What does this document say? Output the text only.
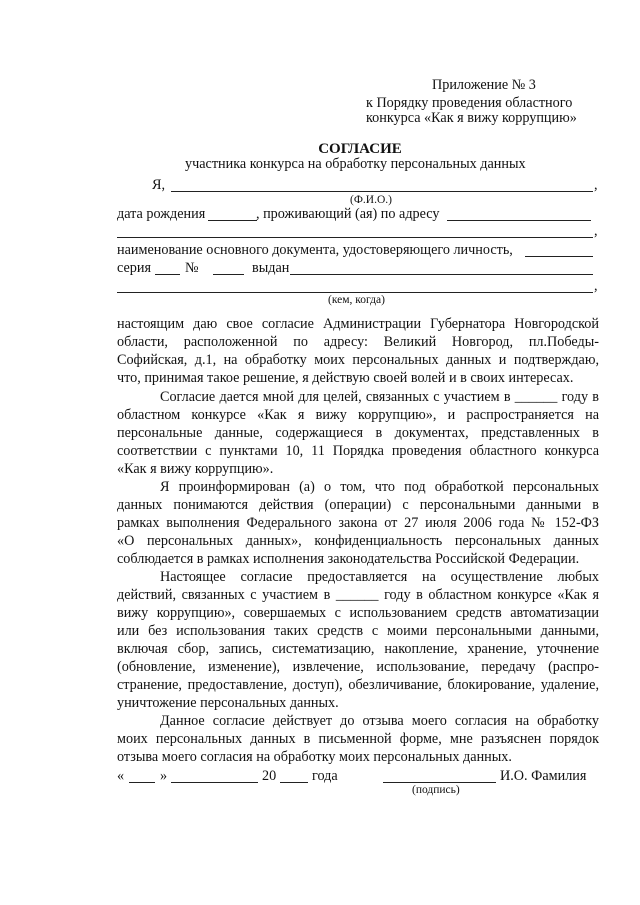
Приложение № 3
к Порядку проведения областного
конкурса «Как я вижу коррупцию»
СОГЛАСИЕ
участника конкурса на обработку персональных данных
Я,	,
(Ф.И.О.)
дата рождения	, проживающий (ая) по адресу
,
наименование основного документа, удостоверяющего личность,
серия №	выдан
,
(кем, когда)
настоящим даю свое согласие Администрации Губернатора Новгородской
области, расположенной по адресу: Великий Новгород, пл.Победы-
Софийская, д.1, на обработку моих персональных данных и подтверждаю,
что, принимая такое решение, я действую своей волей и в своих интересах.
Согласие дается мной для целей, связанных с участием в ______ году в
областном конкурсе «Как я вижу коррупцию», и распространяется на
персональные данные, содержащиеся в документах, представленных в
соответствии с пунктами 10, 11 Порядка проведения областного конкурса
«Как я вижу коррупцию».
Я проинформирован (а) о том, что под обработкой персональных
данных понимаются действия (операции) с персональными данными в
рамках выполнения Федерального закона от 27 июля 2006 года № 152-ФЗ
«О персональных данных», конфиденциальность персональных данных
соблюдается в рамках исполнения законодательства Российской Федерации.
Настоящее согласие предоставляется на осуществление любых
действий, связанных с участием в ______ году в областном конкурсе «Как я
вижу коррупцию», совершаемых с использованием средств автоматизации
или без использования таких средств с моими персональными данными,
включая сбор, запись, систематизацию, накопление, хранение, уточнение
(обновление, изменение), извлечение, использование, передачу (распро-
странение, предоставление, доступ), обезличивание, блокирование, удаление,
уничтожение персональных данных.
Данное согласие действует до отзыва моего согласия на обработку
моих персональных данных в письменной форме, мне разъяснен порядок
отзыва моего согласия на обработку моих персональных данных.
«	»	20	года	И.О. Фамилия
(подпись)
